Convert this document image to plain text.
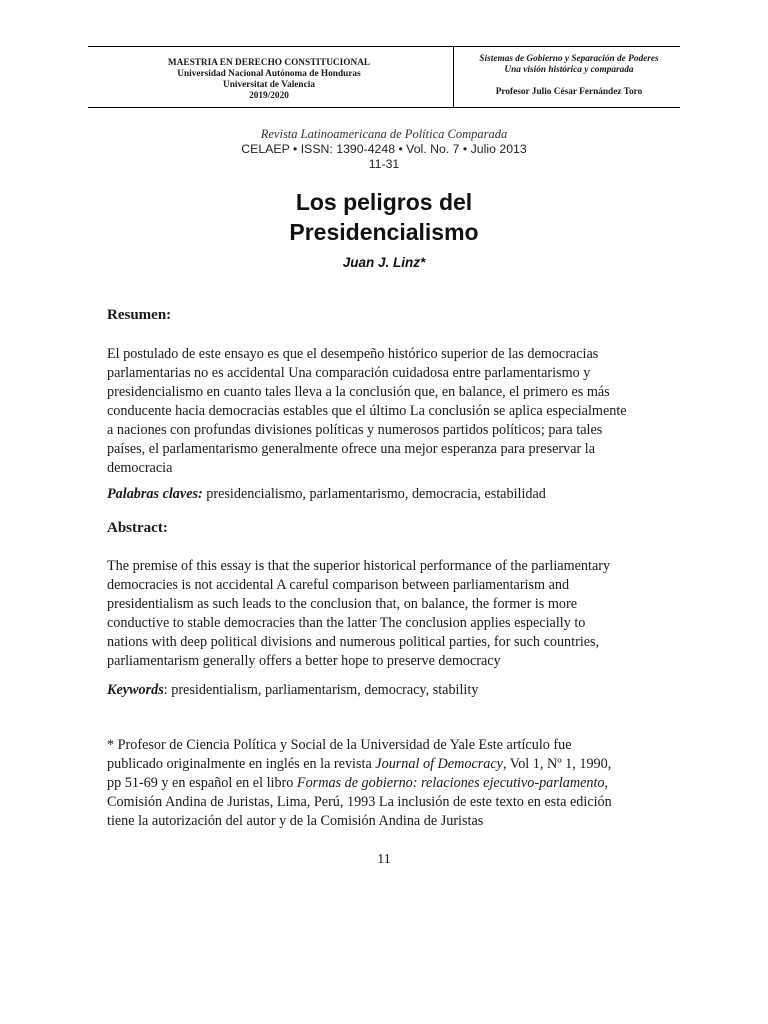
MAESTRIA EN DERECHO CONSTITUCIONAL
Universidad Nacional Autónoma de Honduras
Universitat de Valencia
2019/2020
Sistemas de Gobierno y Separación de Poderes
Una visión histórica y comparada
Profesor Julio César Fernández Toro
Revista Latinoamericana de Política Comparada
CELAEP • ISSN: 1390-4248 • Vol. No. 7 • Julio 2013
11-31
Los peligros del
Presidencialismo
Juan J. Linz*
Resumen:
El postulado de este ensayo es que el desempeño histórico superior de las democracias
parlamentarias no es accidental Una comparación cuidadosa entre parlamentarismo y
presidencialismo en cuanto tales lleva a la conclusión que, en balance, el primero es más
conducente hacia democracias estables que el último La conclusión se aplica especialmente
a naciones con profundas divisiones políticas y numerosos partidos políticos; para tales
países, el parlamentarismo generalmente ofrece una mejor esperanza para preservar la
democracia
Palabras claves: presidencialismo, parlamentarismo, democracia, estabilidad
Abstract:
The premise of this essay is that the superior historical performance of the parliamentary
democracies is not accidental A careful comparison between parliamentarism and
presidentialism as such leads to the conclusion that, on balance, the former is more
conductive to stable democracies than the latter The conclusion applies especially to
nations with deep political divisions and numerous political parties, for such countries,
parliamentarism generally offers a better hope to preserve democracy
Keywords: presidentialism, parliamentarism, democracy, stability
* Profesor de Ciencia Política y Social de la Universidad de Yale Este artículo fue
publicado originalmente en inglés en la revista Journal of Democracy, Vol 1, Nº 1, 1990,
pp 51-69 y en español en el libro Formas de gobierno: relaciones ejecutivo-parlamento,
Comisión Andina de Juristas, Lima, Perú, 1993 La inclusión de este texto en esta edición
tiene la autorización del autor y de la Comisión Andina de Juristas
11
